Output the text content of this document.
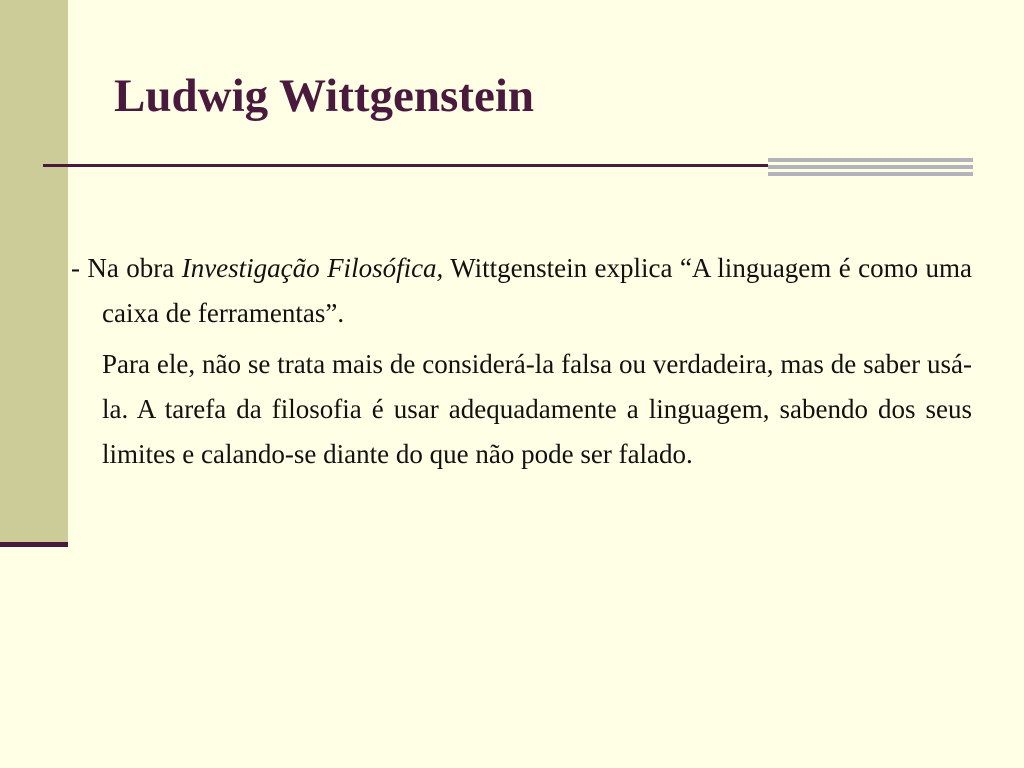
Ludwig Wittgenstein

- Na obra Investigação Filosófica, Wittgenstein explica “A linguagem é como uma caixa de ferramentas”.

Para ele, não se trata mais de considerá-la falsa ou verdadeira, mas de saber usá-la. A tarefa da filosofia é usar adequadamente a linguagem, sabendo dos seus limites e calando-se diante do que não pode ser falado.
